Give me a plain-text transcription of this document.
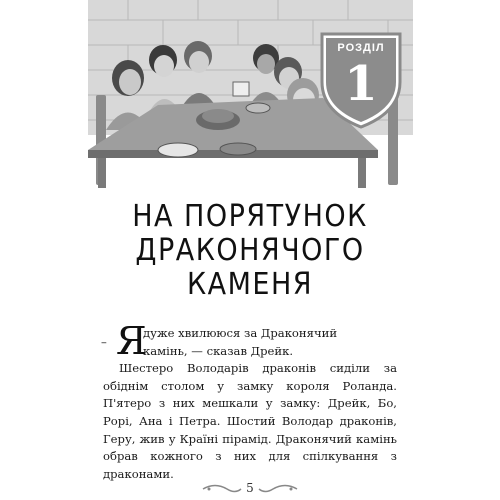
РОЗДІЛ
1
НА ПОРЯТУНОК
ДРАКОНЯЧОГО
КАМЕНЯ
– Я
дуже хвилююся за Драконячий
камінь, — сказав Дрейк.

Шестеро Володарів драконів сиділи за обіднім столом у замку короля Роланда. П'ятеро з них мешкали у замку: Дрейк, Бо, Рорі, Ана і Петра. Шостий Володар драконів, Геру, жив у Країні пірамід. Драконячий камінь обрав кожного з них для спілкування з драконами.

5
